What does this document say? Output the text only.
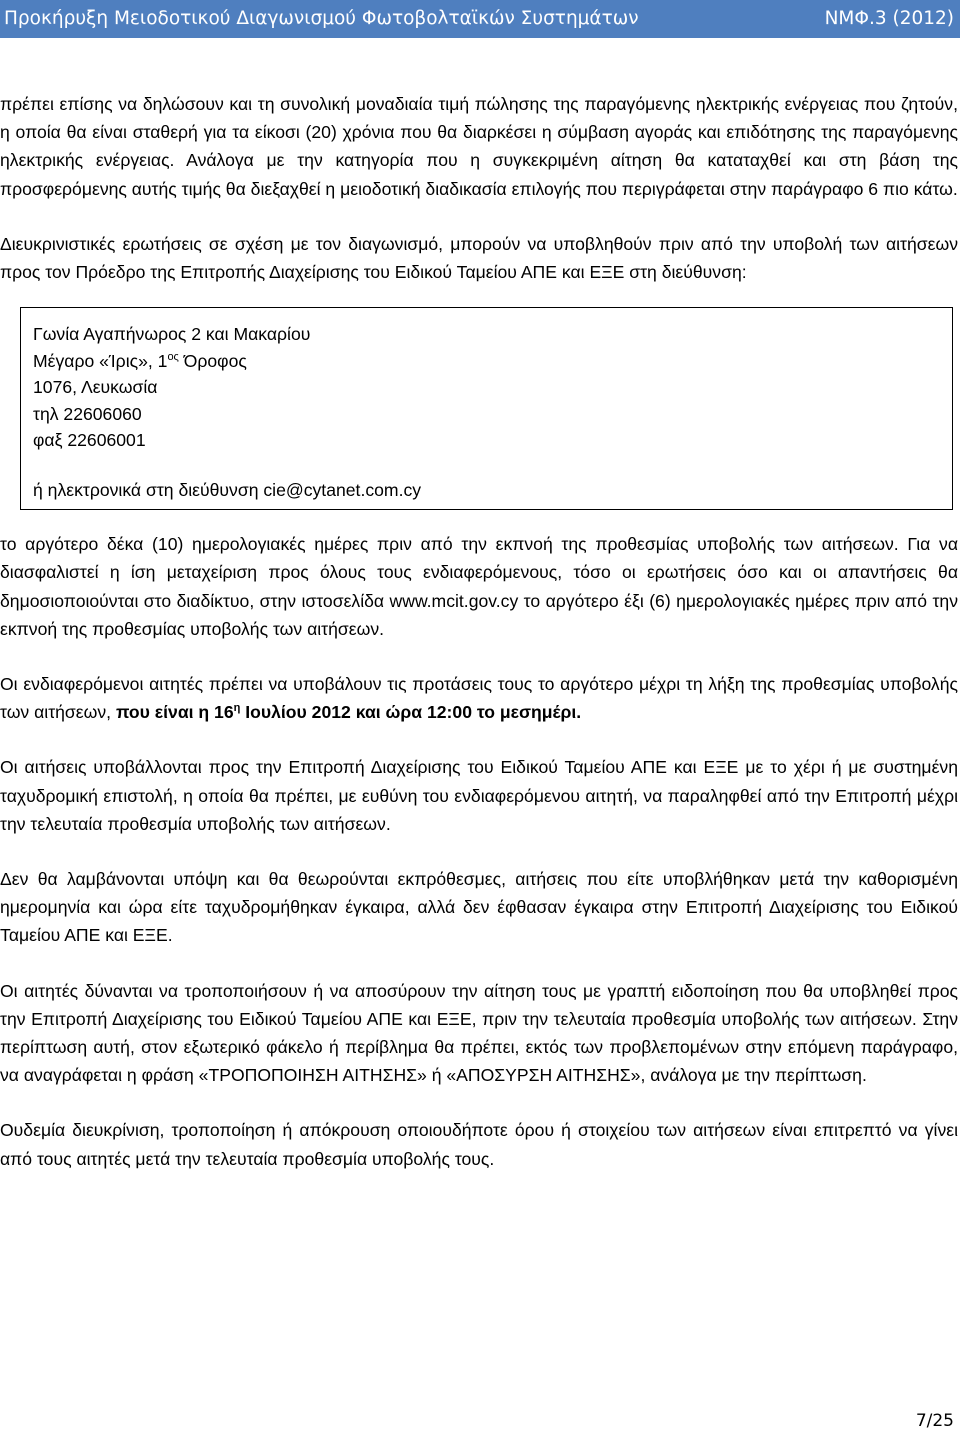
Προκήρυξη Μειοδοτικού Διαγωνισμού Φωτοβολταϊκών Συστημάτων	ΝΜΦ.3 (2012)

πρέπει επίσης να δηλώσουν και τη συνολική μοναδιαία τιμή πώλησης της παραγόμενης ηλεκτρικής ενέργειας που ζητούν, η οποία θα είναι σταθερή για τα είκοσι (20) χρόνια που θα διαρκέσει η σύμβαση αγοράς και επιδότησης της παραγόμενης ηλεκτρικής ενέργειας. Ανάλογα με την κατηγορία που η συγκεκριμένη αίτηση θα καταταχθεί και στη βάση της προσφερόμενης αυτής τιμής θα διεξαχθεί η μειοδοτική διαδικασία επιλογής που περιγράφεται στην παράγραφο 6 πιο κάτω.

Διευκρινιστικές ερωτήσεις σε σχέση με τον διαγωνισμό, μπορούν να υποβληθούν πριν από την υποβολή των αιτήσεων προς τον Πρόεδρο της Επιτροπής Διαχείρισης του Ειδικού Ταμείου ΑΠΕ και ΕΞΕ στη διεύθυνση:

Γωνία Αγαπήνωρος 2 και Μακαρίου
Μέγαρο «Ίρις», $1^{o\varsigma}$ Όροφος
1076, Λευκωσία
τηλ 22606060
φαξ 22606001
ή ηλεκτρονικά στη διεύθυνση cie@cytanet.com.cy

το αργότερο δέκα (10) ημερολογιακές ημέρες πριν από την εκπνοή της προθεσμίας υποβολής των αιτήσεων. Για να διασφαλιστεί η ίση μεταχείριση προς όλους τους ενδιαφερόμενους, τόσο οι ερωτήσεις όσο και οι απαντήσεις θα δημοσιοποιούνται στο διαδίκτυο, στην ιστοσελίδα www.mcit.gov.cy το αργότερο έξι (6) ημερολογιακές ημέρες πριν από την εκπνοή της προθεσμίας υποβολής των αιτήσεων.

Οι ενδιαφερόμενοι αιτητές πρέπει να υποβάλουν τις προτάσεις τους το αργότερο μέχρι τη λήξη της προθεσμίας υποβολής των αιτήσεων, που είναι η $16^\eta$ Ιουλίου 2012 και ώρα 12:00 το μεσημέρι.

Οι αιτήσεις υποβάλλονται προς την Επιτροπή Διαχείρισης του Ειδικού Ταμείου ΑΠΕ και ΕΞΕ με το χέρι ή με συστημένη ταχυδρομική επιστολή, η οποία θα πρέπει, με ευθύνη του ενδιαφερόμενου αιτητή, να παραληφθεί από την Επιτροπή μέχρι την τελευταία προθεσμία υποβολής των αιτήσεων.

Δεν θα λαμβάνονται υπόψη και θα θεωρούνται εκπρόθεσμες, αιτήσεις που είτε υποβλήθηκαν μετά την καθορισμένη ημερομηνία και ώρα είτε ταχυδρομήθηκαν έγκαιρα, αλλά δεν έφθασαν έγκαιρα στην Επιτροπή Διαχείρισης του Ειδικού Ταμείου ΑΠΕ και ΕΞΕ.

Οι αιτητές δύνανται να τροποποιήσουν ή να αποσύρουν την αίτηση τους με γραπτή ειδοποίηση που θα υποβληθεί προς την Επιτροπή Διαχείρισης του Ειδικού Ταμείου ΑΠΕ και ΕΞΕ, πριν την τελευταία προθεσμία υποβολής των αιτήσεων. Στην περίπτωση αυτή, στον εξωτερικό φάκελο ή περίβλημα θα πρέπει, εκτός των προβλεπομένων στην επόμενη παράγραφο, να αναγράφεται η φράση «ΤΡΟΠΟΠΟΙΗΣΗ ΑΙΤΗΣΗΣ» ή «ΑΠΟΣΥΡΣΗ ΑΙΤΗΣΗΣ», ανάλογα με την περίπτωση.

Ουδεμία διευκρίνιση, τροποποίηση ή απόκρουση οποιουδήποτε όρου ή στοιχείου των αιτήσεων είναι επιτρεπτό να γίνει από τους αιτητές μετά την τελευταία προθεσμία υποβολής τους.

7/25
